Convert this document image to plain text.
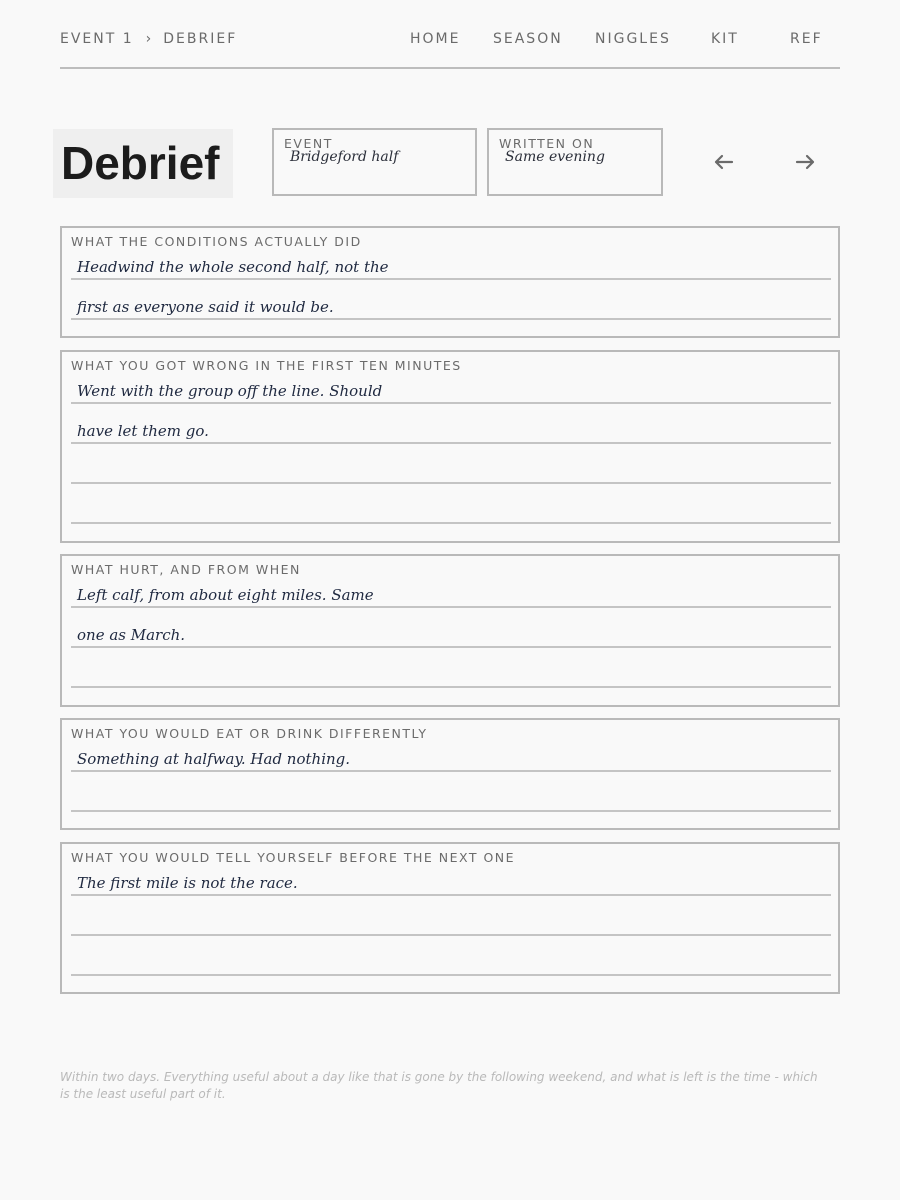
EVENT 1 › DEBRIEF	HOME SEASON NIGGLES	KIT	REF
Debrief	EVENT
Bridgeford half
WRITTEN ON
Same evening
WHAT THE CONDITIONS ACTUALLY DID
Headwind the whole second half, not the
first as everyone said it would be.
WHAT YOU GOT WRONG IN THE FIRST TEN MINUTES
Went with the group off the line. Should
have let them go.
WHAT HURT, AND FROM WHEN
Left calf, from about eight miles. Same
one as March.
WHAT YOU WOULD EAT OR DRINK DIFFERENTLY
Something at halfway. Had nothing.
WHAT YOU WOULD TELL YOURSELF BEFORE THE NEXT ONE
The first mile is not the race.
Within two days. Everything useful about a day like that is gone by the following weekend, and what is left is the time - which is the least useful part of it.
